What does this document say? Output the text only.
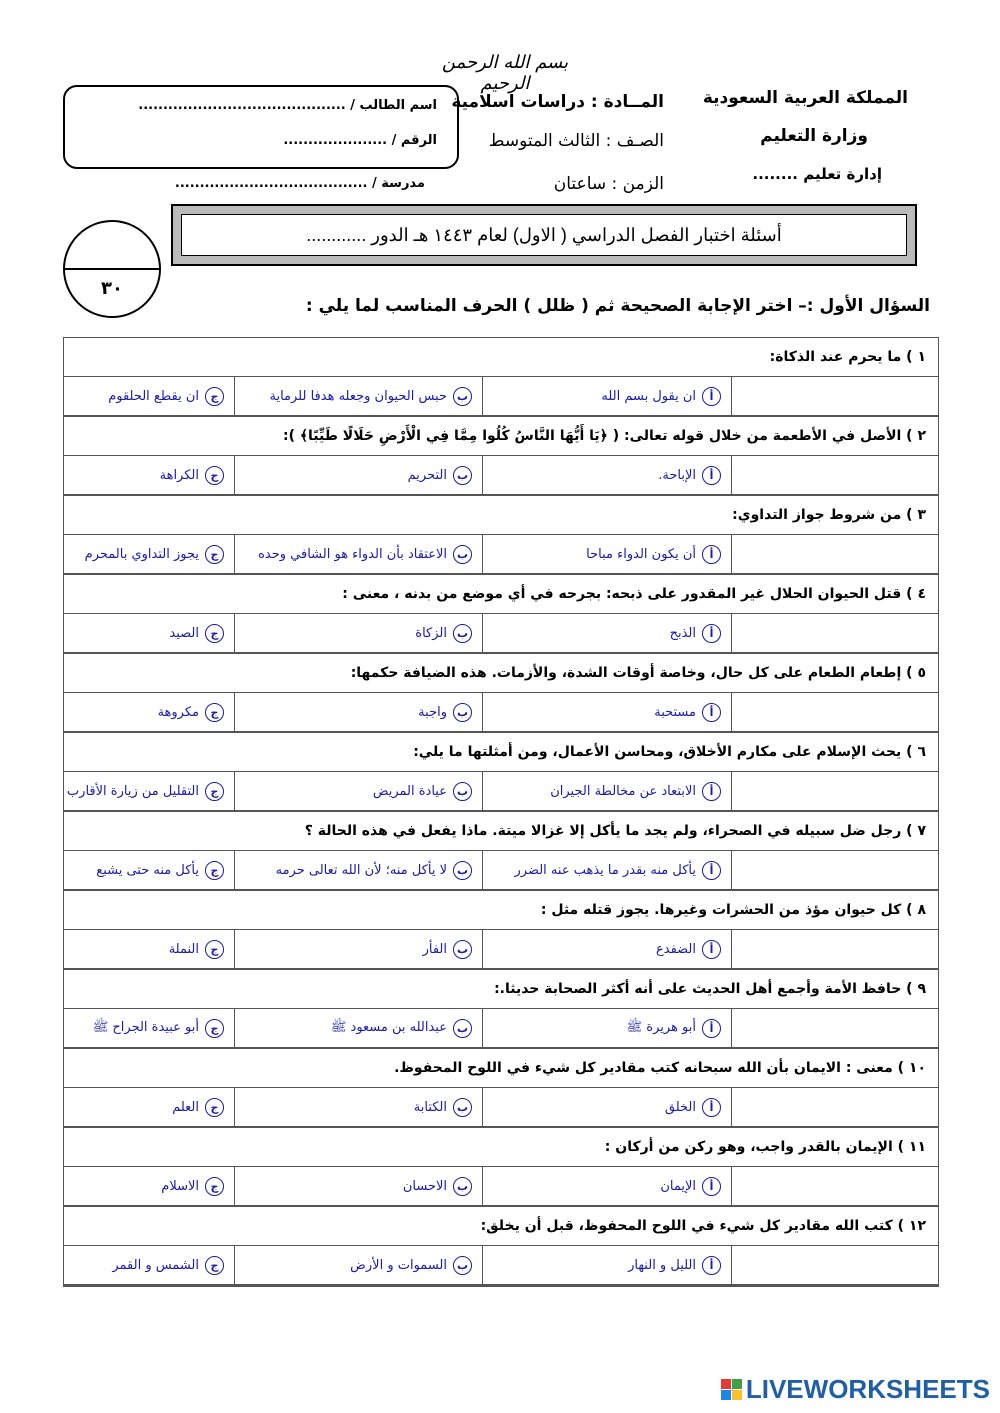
بسم الله الرحمن الرحيم
المملكة العربية السعودية
وزارة التعليم
إدارة تعليم ........
المــادة : دراسات اسلامية
الصـف : الثالث المتوسط
الزمن : ساعتان
اسم الطالب / ..........................................
الرقم / .....................
مدرسة / .......................................
أسئلة اختبار الفصل الدراسي ( الاول) لعام ١٤٤٣ هـ الدور ............
٣٠
السؤال الأول :– اختر الإجابة الصحيحة ثم ( ظلل ) الحرف المناسب لما يلي :
١ ) ما يحرم عند الذكاة:
أ
ان يقول بسم الله
ب
حبس الحيوان وجعله هدفا للرماية
ج
ان يقطع الحلقوم
٢ ) الأصل في الأطعمة من خلال قوله تعالى: ( ﴿يَا أَيُّهَا النَّاسُ كُلُوا مِمَّا فِي الْأَرْضِ حَلَالًا طَيِّبًا﴾ ):
أ
الإباحة.
ب
التحريم
ج
الكراهة
٣ ) من شروط جواز التداوي:
أ
أن يكون الدواء مباحا
ب
الاعتقاد بأن الدواء هو الشافي وحده
ج
يجوز التداوي بالمحرم
٤ ) قتل الحيوان الحلال غير المقدور على ذبحه: بجرحه في أي موضع من بدنه ، معنى :
أ
الذبح
ب
الزكاة
ج
الصيد
٥ ) إطعام الطعام على كل حال، وخاصة أوقات الشدة، والأزمات. هذه الضيافة حكمها:
أ
مستحبة
ب
واجبة
ج
مكروهة
٦ ) يحث الإسلام على مكارم الأخلاق، ومحاسن الأعمال، ومن أمثلتها ما يلي:
أ
الابتعاد عن مخالطة الجيران
ب
عيادة المريض
ج
التقليل من زيارة الأقارب
٧ ) رجل ضل سبيله في الصحراء، ولم يجد ما يأكل إلا غزالا ميتة. ماذا يفعل في هذه الحالة ؟
أ
يأكل منه بقدر ما يذهب عنه الضرر
ب
لا يأكل منه؛ لأن الله تعالى حرمه
ج
يأكل منه حتى يشبع
٨ ) كل حيوان مؤذ من الحشرات وغيرها. يجوز قتله مثل :
أ
الضفدع
ب
الفأر
ج
النملة
٩ ) حافظ الأمة وأجمع أهل الحديث على أنه أكثر الصحابة حديثا.:
أ
أبو هريرة ﷺ
ب
عبدالله بن مسعود ﷺ
ج
أبو عبيدة الجراح ﷺ
١٠ ) معنى : الايمان بأن الله سبحانه كتب مقادير كل شيء في اللوح المحفوظ.
أ
الخلق
ب
الكتابة
ج
العلم
١١ ) الإيمان بالقدر واجب، وهو ركن من أركان :
أ
الإيمان
ب
الاحسان
ج
الاسلام
١٢ ) كتب الله مقادير كل شيء في اللوح المحفوظ، قبل أن يخلق:
أ
الليل و النهار
ب
السموات و الأرض
ج
الشمس و القمر
LIVEWORKSHEETS
